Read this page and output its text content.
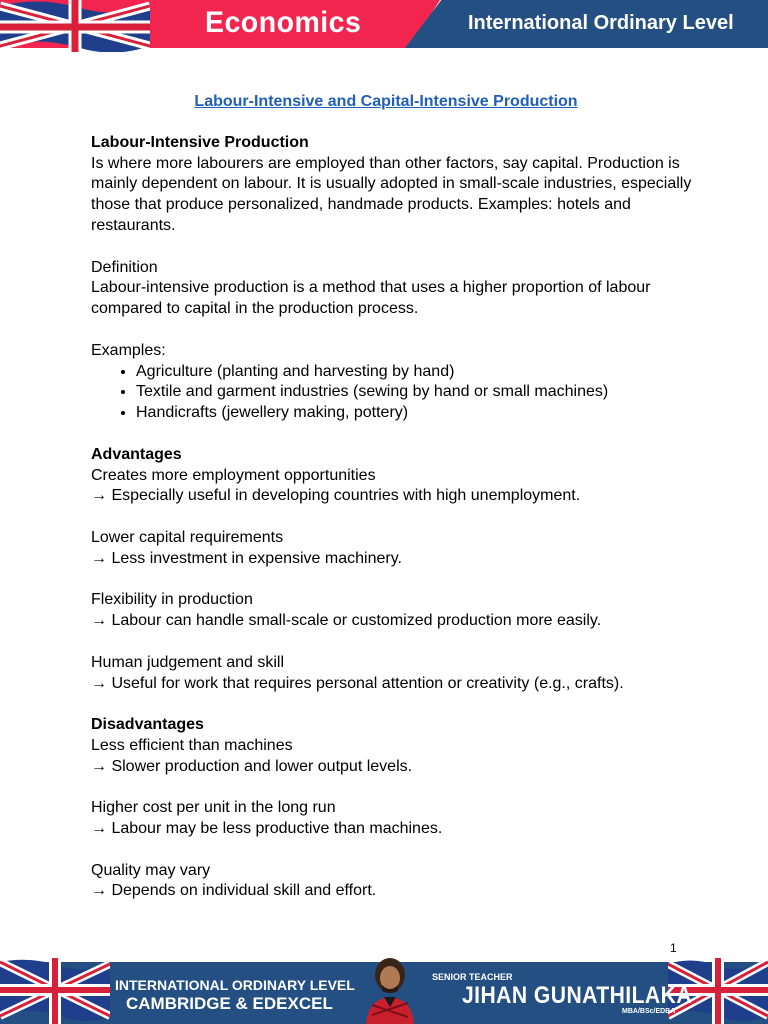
Economics	International Ordinary Level

Labour-Intensive and Capital-Intensive Production

Labour-Intensive Production

Is where more labourers are employed than other factors, say capital. Production is mainly dependent on labour. It is usually adopted in small-scale industries, especially those that produce personalized, handmade products. Examples: hotels and restaurants.

Definition

Labour-intensive production is a method that uses a higher proportion of labour compared to capital in the production process.

Examples:

• Agriculture (planting and harvesting by hand)
• Textile and garment industries (sewing by hand or small machines)
• Handicrafts (jewellery making, pottery)

Advantages

Creates more employment opportunities

→ Especially useful in developing countries with high unemployment.

Lower capital requirements

→ Less investment in expensive machinery.

Flexibility in production

→ Labour can handle small-scale or customized production more easily.

Human judgement and skill

→ Useful for work that requires personal attention or creativity (e.g., crafts).

Disadvantages

Less efficient than machines

→ Slower production and lower output levels.

Higher cost per unit in the long run

→ Labour may be less productive than machines.

Quality may vary

→ Depends on individual skill and effort.

1
INTERNATIONAL ORDINARY LEVEL
CAMBRIDGE & EDEXCEL
SENIOR TEACHER
JIHAN GUNATHILAKA
MBA/BSc/EDBA
